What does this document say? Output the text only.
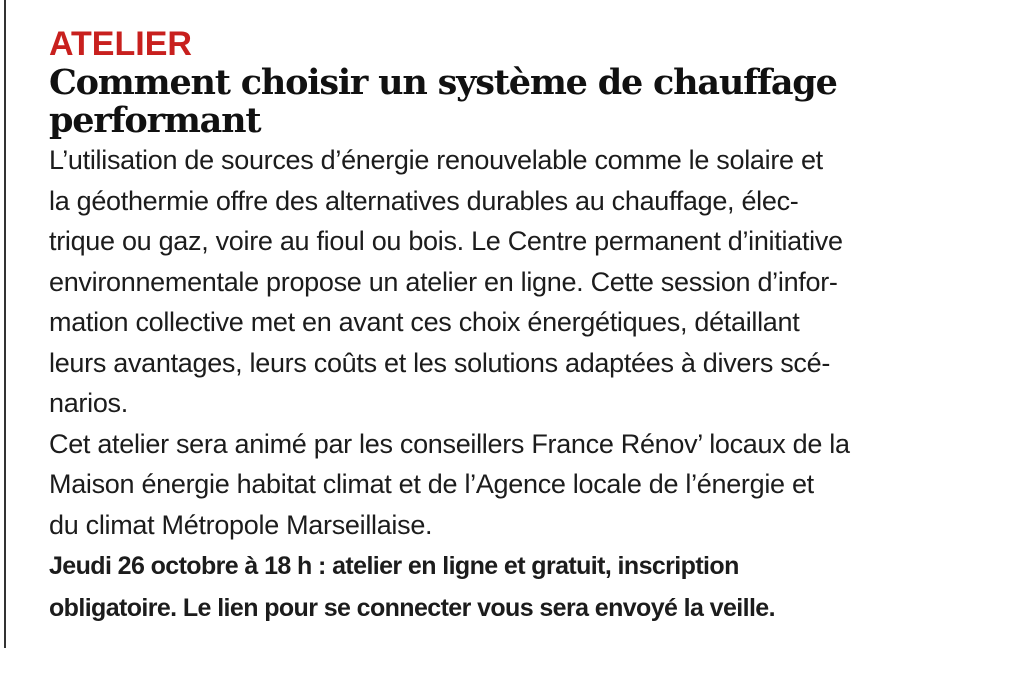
ATELIER
Comment choisir un système de chauffage
performant

L’utilisation de sources d’énergie renouvelable comme le solaire et
la géothermie offre des alternatives durables au chauffage, élec-
trique ou gaz, voire au fioul ou bois. Le Centre permanent d’initiative
environnementale propose un atelier en ligne. Cette session d’infor-
mation collective met en avant ces choix énergétiques, détaillant
leurs avantages, leurs coûts et les solutions adaptées à divers scé-
narios.

Cet atelier sera animé par les conseillers France Rénov’ locaux de la
Maison énergie habitat climat et de l’Agence locale de l’énergie et
du climat Métropole Marseillaise.

Jeudi 26 octobre à 18 h : atelier en ligne et gratuit, inscription
obligatoire. Le lien pour se connecter vous sera envoyé la veille.
